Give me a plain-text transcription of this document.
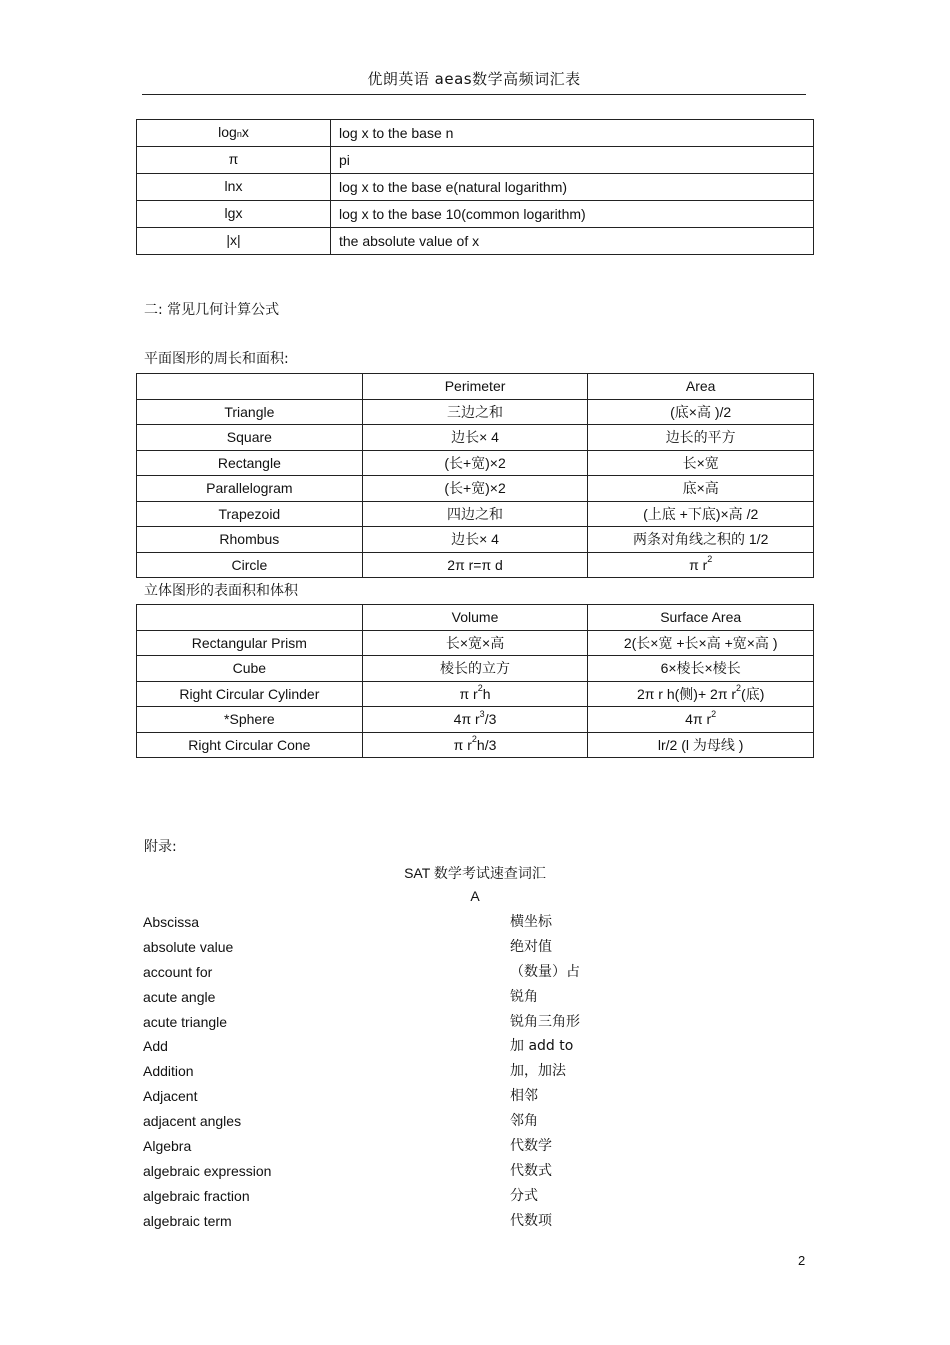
优朗英语 aeas数学高频词汇表
lognx	log x to the base n
π	pi
lnx	log x to the base e(natural logarithm)
lgx	log x to the base 10(common logarithm)
|x|	the absolute value of x
二: 常见几何计算公式
平面图形的周长和面积:
	Perimeter	Area
Triangle	三边之和	(底×高 )/2
Square	边长× 4	边长的平方
Rectangle	(长+宽)×2	长×宽
Parallelogram	(长+宽)×2	底×高
Trapezoid	四边之和	(上底 +下底)×高 /2
Rhombus	边长× 4	两条对角线之积的 1/2
Circle	2π r=π d	π $r^2$
立体图形的表面积和体积
	Volume	Surface Area
Rectangular Prism	长×宽×高	2(长×宽 +长×高 +宽×高 )
Cube	棱长的立方	6×棱长×棱长
Right Circular Cylinder	π $r^2h$	2π r h(侧)+ 2π $r^2$(底)
*Sphere	4π $r^3/3$	4π $r^2$
Right Circular Cone	π $r^2h/3$	lr/2 (l 为母线 )
附录:
SAT 数学考试速查词汇
A
Abscissa	横坐标
absolute value	绝对值
account for	（数量）占
acute angle	锐角
acute triangle	锐角三角形
Add	加 add to
Addition	加，加法
Adjacent	相邻
adjacent angles	邻角
Algebra	代数学
algebraic expression	代数式
algebraic fraction	分式
algebraic term	代数项
2
